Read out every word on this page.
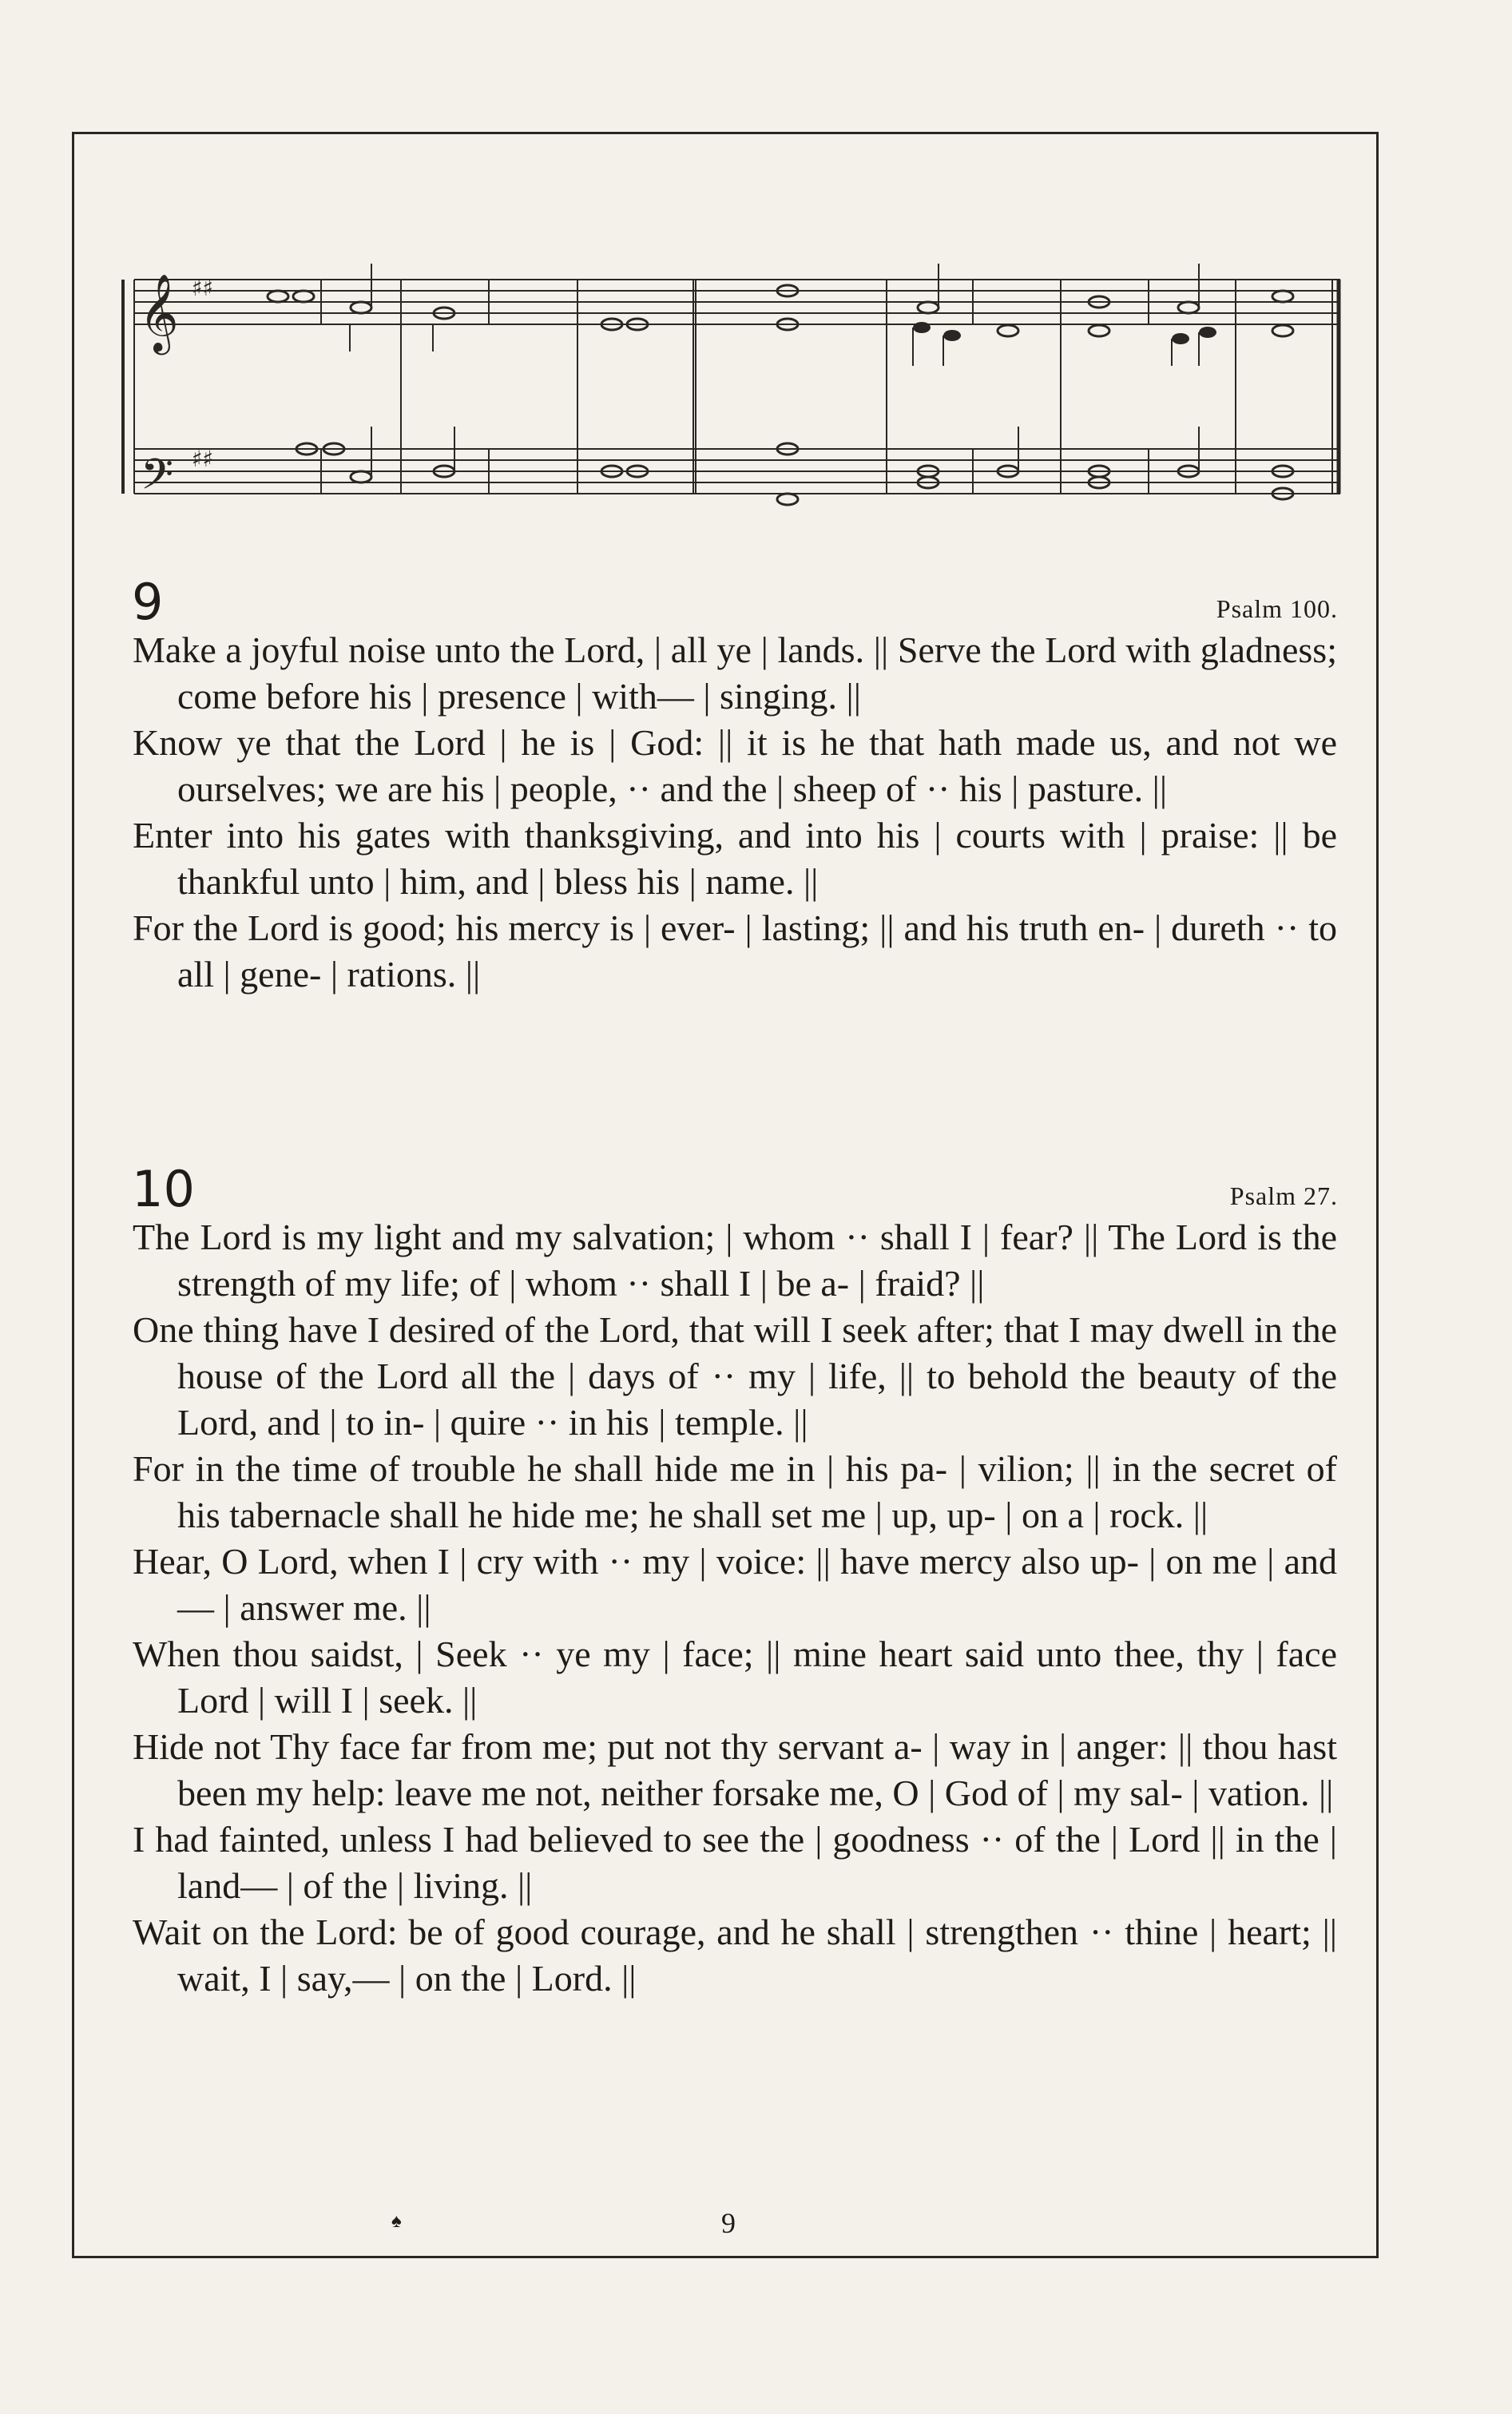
𝄞
𝄢
♯♯
♯♯
9	Psalm 100.

Make a joyful noise unto the Lord, | all ye | lands. || Serve the Lord with gladness; come before his | presence | with— | singing. ||

Know ye that the Lord | he is | God: || it is he that hath made us, and not we ourselves; we are his | people, ·· and the | sheep of ·· his | pasture. ||

Enter into his gates with thanksgiving, and into his | courts with | praise: || be thankful unto | him, and | bless his | name. ||

For the Lord is good; his mercy is | ever- | lasting; || and his truth en- | dureth ·· to all | gene- | rations. ||

10	Psalm 27.

The Lord is my light and my salvation; | whom ·· shall I | fear? || The Lord is the strength of my life; of | whom ·· shall I | be a- | fraid? ||

One thing have I desired of the Lord, that will I seek after; that I may dwell in the house of the Lord all the | days of ·· my | life, || to behold the beauty of the Lord, and | to in- | quire ·· in his | temple. ||

For in the time of trouble he shall hide me in | his pa- | vilion; || in the secret of his tabernacle shall he hide me; he shall set me | up, up- | on a | rock. ||

Hear, O Lord, when I | cry with ·· my | voice: || have mercy also up- | on me | and— | answer me. ||

When thou saidst, | Seek ·· ye my | face; || mine heart said unto thee, thy | face Lord | will I | seek. ||

Hide not Thy face far from me; put not thy servant a- | way in | anger: || thou hast been my help: leave me not, neither forsake me, O | God of | my sal- | vation. ||

I had fainted, unless I had believed to see the | goodness ·· of the | Lord || in the | land— | of the | living. ||

Wait on the Lord: be of good courage, and he shall | strengthen ·· thine | heart; || wait, I | say,— | on the | Lord. ||

♠	9
